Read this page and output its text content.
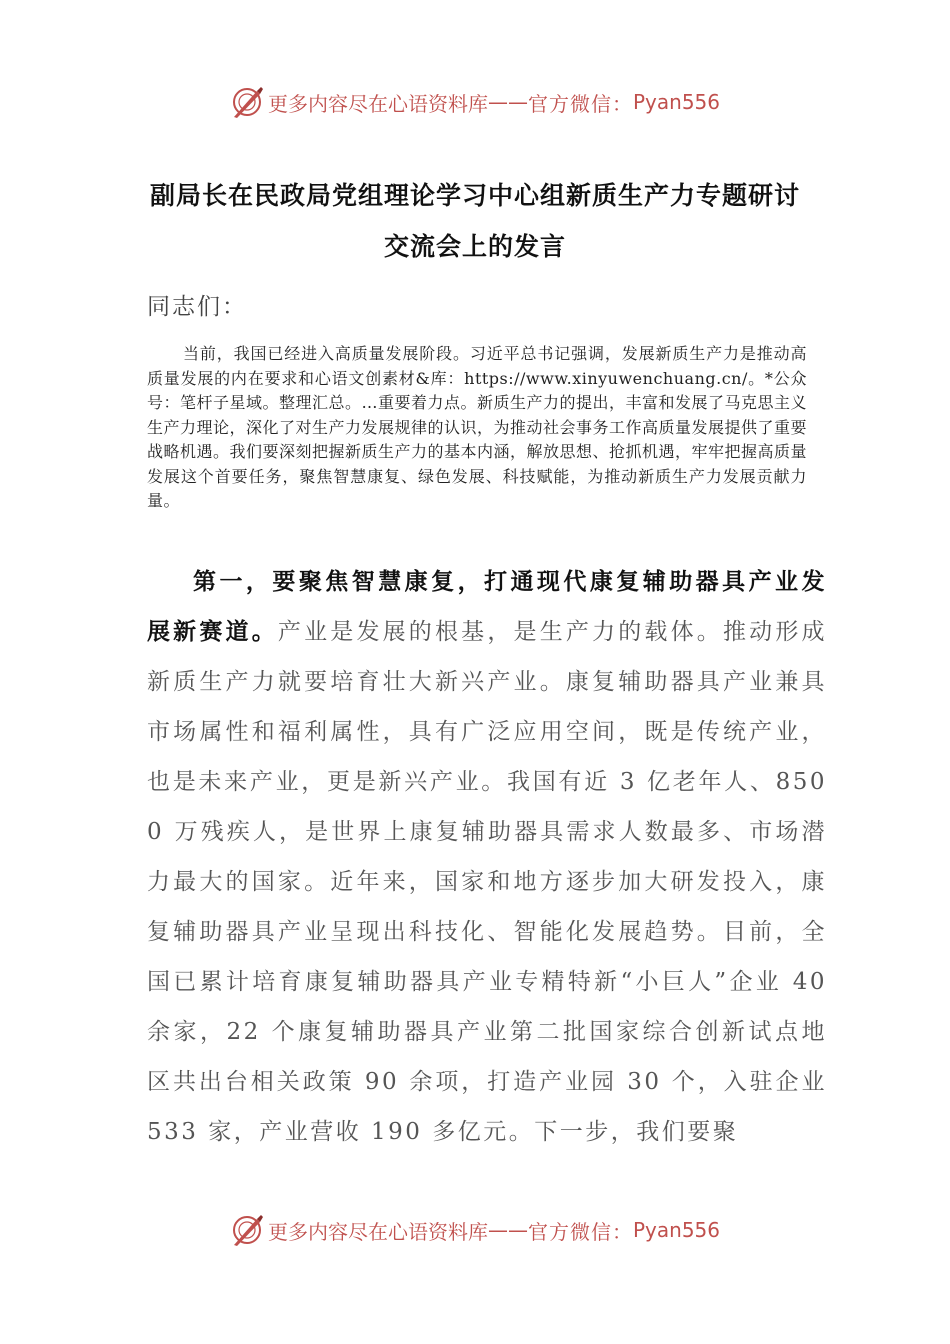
更多内容尽在心语资料库 —— 官方微信： Pyan556
副局长在民政局党组理论学习中心组新质生产力专题研讨
交流会上的发言
同志们：
当前，我国已经进入高质量发展阶段。习近平总书记强调，发展新质生产力是推动高质量发展的内在要求和心语文创素材&库：https://www.xinyuwenchuang.cn/。*公众号：笔杆子星域。整理汇总。…重要着力点。新质生产力的提出，丰富和发展了马克思主义生产力理论，深化了对生产力发展规律的认识，为推动社会事务工作高质量发展提供了重要战略机遇。我们要深刻把握新质生产力的基本内涵，解放思想、抢抓机遇，牢牢把握高质量发展这个首要任务，聚焦智慧康复、绿色发展、科技赋能，为推动新质生产力发展贡献力量。
第一，要聚焦智慧康复，打通现代康复辅助器具产业发展新赛道。产业是发展的根基，是生产力的载体。推动形成新质生产力就要培育壮大新兴产业。康复辅助器具产业兼具市场属性和福利属性，具有广泛应用空间，既是传统产业，也是未来产业，更是新兴产业。我国有近 3 亿老年人、8500 万残疾人，是世界上康复辅助器具需求人数最多、市场潜力最大的国家。近年来，国家和地方逐步加大研发投入，康复辅助器具产业呈现出科技化、智能化发展趋势。目前，全国已累计培育康复辅助器具产业专精特新“小巨人”企业 40 余家，22 个康复辅助器具产业第二批国家综合创新试点地区共出台相关政策 90 余项，打造产业园 30 个，入驻企业 533 家，产业营收 190 多亿元。下一步，我们要聚
更多内容尽在心语资料库 —— 官方微信： Pyan556
